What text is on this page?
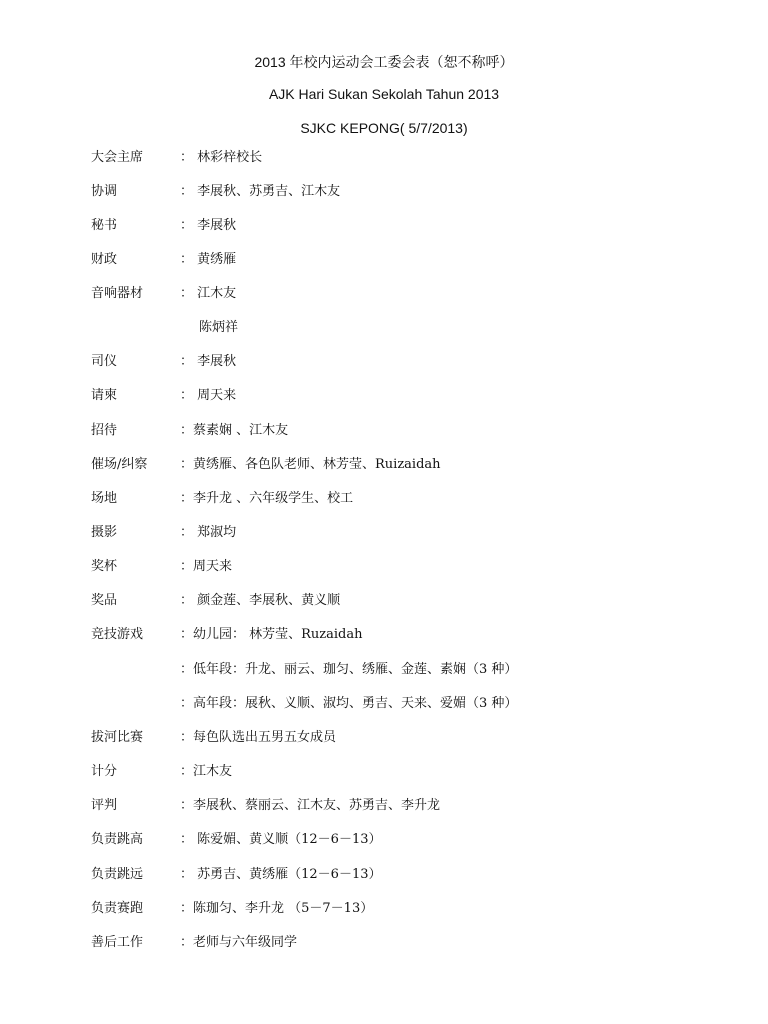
2013 年校内运动会工委会表（恕不称呼）
AJK Hari Sukan Sekolah Tahun 2013
SJKC KEPONG( 5/7/2013)
大会主席	： 林彩梓校长
协调	： 李展秋、苏勇吉、江木友
秘书	： 李展秋
财政	： 黄绣雁
音响器材	： 江木友
陈炳祥
司仪	： 李展秋
请柬	： 周天来
招待	：蔡素娴 、江木友
催场/纠察	：黄绣雁、各色队老师、林芳莹、Ruizaidah
场地	：李升龙 、六年级学生、校工
摄影	： 郑淑均
奖杯	：周天来
奖品	： 颜金莲、李展秋、黄义顺
竞技游戏	：幼儿园： 林芳莹、Ruzaidah
：低年段：升龙、丽云、珈匀、绣雁、金莲、素娴（3 种）
：高年段：展秋、义顺、淑均、勇吉、天来、爱媚（3 种）
拔河比赛	：每色队选出五男五女成员
计分	：江木友
评判	：李展秋、蔡丽云、江木友、苏勇吉、李升龙
负责跳高	： 陈爱媚、黄义顺（12－6－13）
负责跳远	： 苏勇吉、黄绣雁（12－6－13）
负责赛跑	：陈珈匀、李升龙 （5－7－13）
善后工作	：老师与六年级同学
